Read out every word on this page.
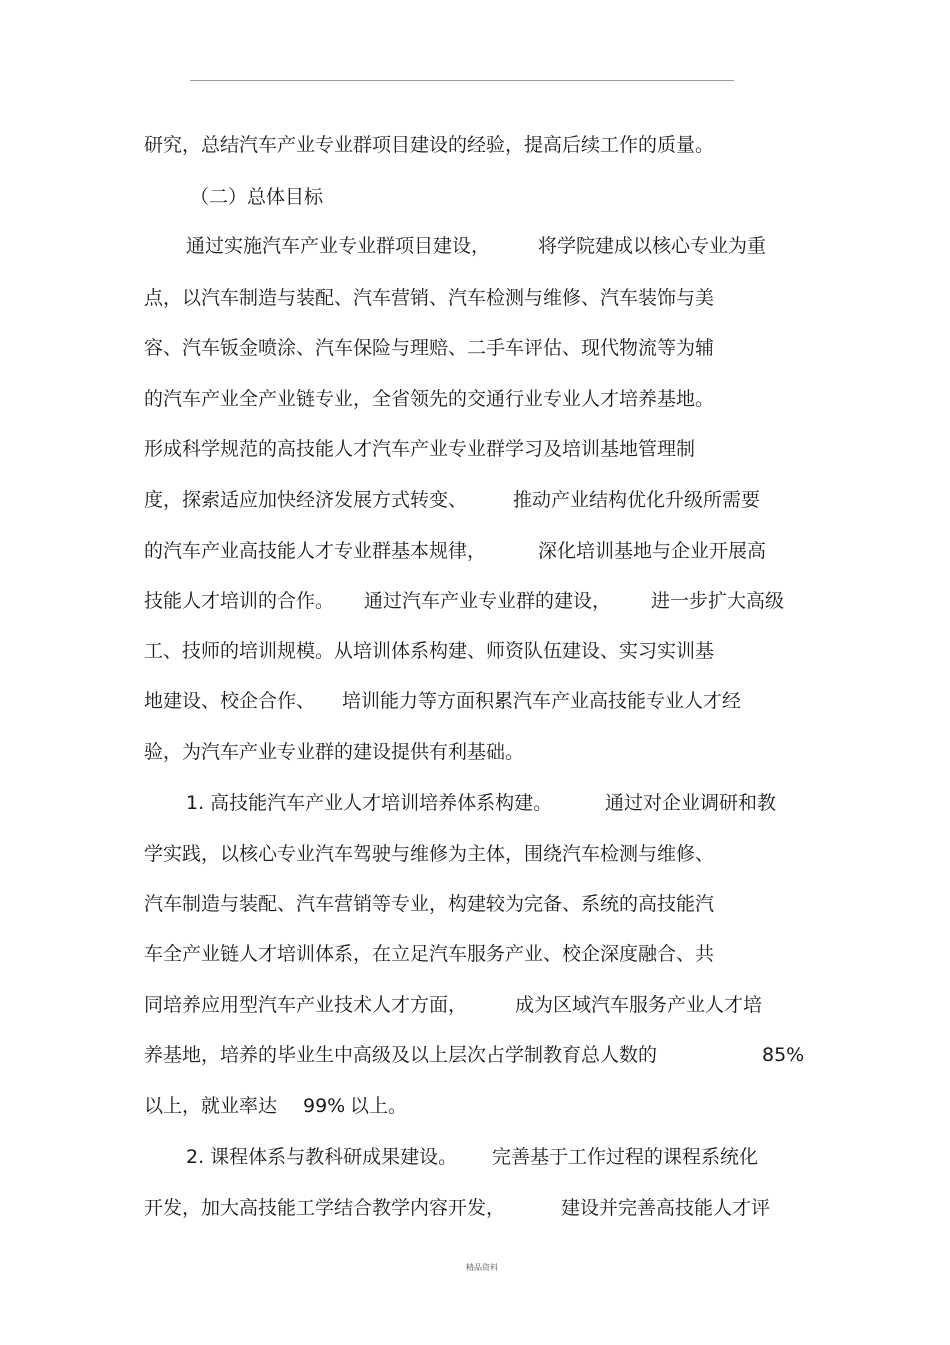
研究，总结汽车产业专业群项目建设的经验，提高后续工作的质量。
（二）总体目标
通过实施汽车产业专业群项目建设，	将学院建成以核心专业为重
点，以汽车制造与装配、汽车营销、汽车检测与维修、汽车装饰与美
容、汽车钣金喷涂、汽车保险与理赔、二手车评估、现代物流等为辅
的汽车产业全产业链专业，全省领先的交通行业专业人才培养基地。
形成科学规范的高技能人才汽车产业专业群学习及培训基地管理制
度，探索适应加快经济发展方式转变、 推动产业结构优化升级所需要
的汽车产业高技能人才专业群基本规律，	深化培训基地与企业开展高
技能人才培训的合作。 通过汽车产业专业群的建设， 进一步扩大高级
工、技师的培训规模。从培训体系构建、师资队伍建设、实习实训基
地建设、校企合作、 培训能力等方面积累汽车产业高技能专业人才经
验，为汽车产业专业群的建设提供有利基础。
1. 高技能汽车产业人才培训培养体系构建。	通过对企业调研和教
学实践，以核心专业汽车驾驶与维修为主体，围绕汽车检测与维修、
汽车制造与装配、汽车营销等专业，构建较为完备、系统的高技能汽
车全产业链人才培训体系，在立足汽车服务产业、校企深度融合、共
同培养应用型汽车产业技术人才方面，	成为区域汽车服务产业人才培
养基地，培养的毕业生中高级及以上层次占学制教育总人数的	85%
以上，就业率达 99% 以上。
2. 课程体系与教科研成果建设。 完善基于工作过程的课程系统化
开发，加大高技能工学结合教学内容开发，	建设并完善高技能人才评
精品资料
